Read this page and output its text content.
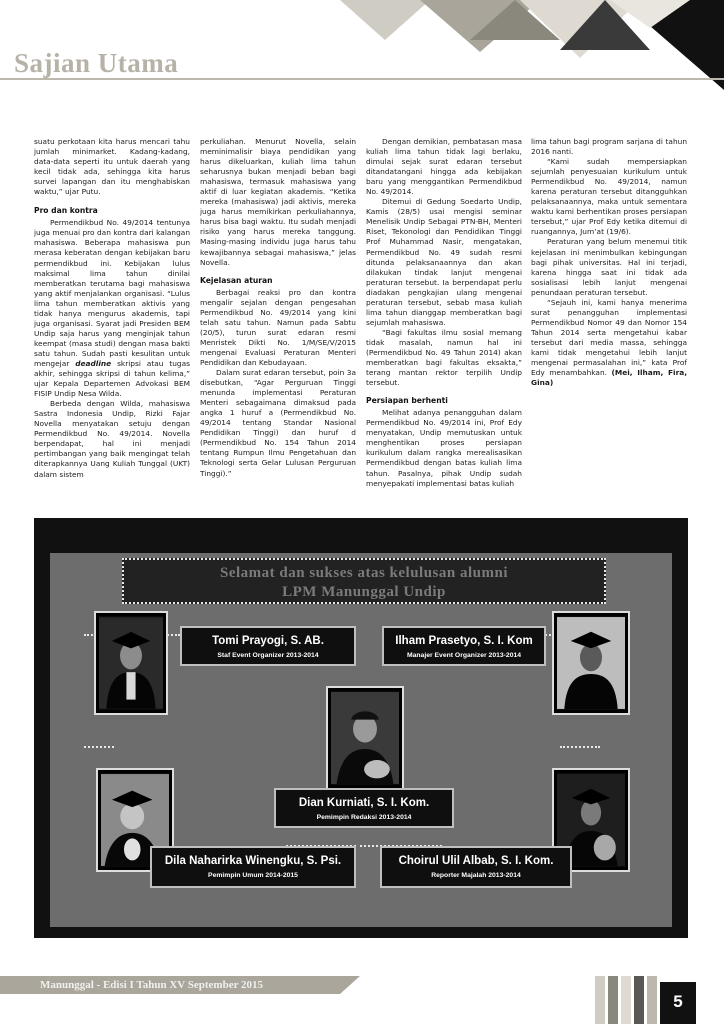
Sajian Utama

suatu perkotaan kita harus mencari tahu jumlah minimarket. Kadang-kadang, data-data seperti itu untuk daerah yang kecil tidak ada, sehingga kita harus survei lapangan dan itu menghabiskan waktu,” ujar Putu.

Pro dan kontra

Permendikbud No. 49/2014 tentunya juga menuai pro dan kontra dari kalangan mahasiswa. Beberapa mahasiswa pun merasa keberatan dengan kebijakan baru permendikbud ini. Kebijakan lulus maksimal lima tahun dinilai memberatkan terutama bagi mahasiswa yang aktif menjalankan organisasi. “Lulus lima tahun memberatkan aktivis yang tidak hanya mengurus akademis, tapi juga organisasi. Syarat jadi Presiden BEM Undip saja harus yang menginjak tahun keempat (masa studi) dengan masa bakti satu tahun. Sudah pasti kesulitan untuk mengejar deadline skripsi atau tugas akhir, sehingga skripsi di tahun kelima,” ujar Kepala Departemen Advokasi BEM FISIP Undip Nesa Wilda.

Berbeda dengan Wilda, mahasiswa Sastra Indonesia Undip, Rizki Fajar Novella menyatakan setuju dengan Permendikbud No. 49/2014. Novella berpendapat, hal ini menjadi pertimbangan yang baik mengingat telah diterapkannya Uang Kuliah Tunggal (UKT) dalam sistem

perkuliahan. Menurut Novella, selain meminimalisir biaya pendidikan yang harus dikeluarkan, kuliah lima tahun seharusnya bukan menjadi beban bagi mahasiswa, termasuk mahasiswa yang aktif di luar kegiatan akademis. “Ketika mereka (mahasiswa) jadi aktivis, mereka juga harus memikirkan perkuliahannya, harus bisa bagi waktu. Itu sudah menjadi risiko yang harus mereka tanggung. Masing-masing individu juga harus tahu kewajibannya sebagai mahasiswa,” jelas Novella.

Kejelasan aturan

Berbagai reaksi pro dan kontra mengalir sejalan dengan pengesahan Permendikbud No. 49/2014 yang kini telah satu tahun. Namun pada Sabtu (20/5), turun surat edaran resmi Menristek Dikti No. 1/M/SE/V/2015 mengenai Evaluasi Peraturan Menteri Pendidikan dan Kebudayaan.

Dalam surat edaran tersebut, poin 3a disebutkan, “Agar Perguruan Tinggi menunda implementasi Peraturan Menteri sebagaimana dimaksud pada angka 1 huruf a (Permendikbud No. 49/2014 tentang Standar Nasional Pendidikan Tinggi) dan huruf d (Permendikbud No. 154 Tahun 2014 tentang Rumpun Ilmu Pengetahuan dan Teknologi serta Gelar Lulusan Perguruan Tinggi).”

Dengan demikian, pembatasan masa kuliah lima tahun tidak lagi berlaku, dimulai sejak surat edaran tersebut ditandatangani hingga ada kebijakan baru yang menggantikan Permendikbud No. 49/2014.

Ditemui di Gedung Soedarto Undip, Kamis (28/5) usai mengisi seminar Menelisik Undip Sebagai PTN-BH, Menteri Riset, Tekonologi dan Pendidikan Tinggi Prof Muhammad Nasir, mengatakan, Permendikbud No. 49 sudah resmi ditunda pelaksanaannya dan akan dilakukan tindak lanjut mengenai peraturan tersebut. Ia berpendapat perlu diadakan pengkajian ulang mengenai peraturan tersebut, sebab masa kuliah lima tahun dianggap memberatkan bagi sejumlah mahasiswa.

“Bagi fakultas ilmu sosial memang tidak masalah, namun hal ini (Permendikbud No. 49 Tahun 2014) akan memberatkan bagi fakultas eksakta,” terang mantan rektor terpilih Undip tersebut.

Persiapan berhenti

Melihat adanya penangguhan dalam Permendikbud No. 49/2014 ini, Prof Edy menyatakan, Undip memutuskan untuk menghentikan proses persiapan kurikulum dalam rangka merealisasikan Permendikbud dengan batas kuliah lima tahun. Pasalnya, pihak Undip sudah menyepakati implementasi batas kuliah

lima tahun bagi program sarjana di tahun 2016 nanti.

“Kami sudah mempersiapkan sejumlah penyesuaian kurikulum untuk Permendikbud No. 49/2014, namun karena peraturan tersebut ditangguhkan pelaksanaannya, maka untuk sementara waktu kami berhentikan proses persiapan tersebut,” ujar Prof Edy ketika ditemui di ruangannya, Jum’at (19/6).

Peraturan yang belum menemui titik kejelasan ini menimbulkan kebingungan bagi pihak universitas. Hal ini terjadi, karena hingga saat ini tidak ada sosialisasi lebih lanjut mengenai penundaan peraturan tersebut.

“Sejauh ini, kami hanya menerima surat penangguhan implementasi Permendikbud Nomor 49 dan Nomor 154 Tahun 2014 serta mengetahui kabar tersebut dari media massa, sehingga kami tidak mengetahui lebih lanjut mengenai permasalahan ini,” kata Prof Edy menambahkan. (Mei, Ilham, Fira, Gina)

Selamat dan sukses atas kelulusan alumni
LPM Manunggal Undip
Tomi Prayogi, S. AB.
Staf Event Organizer 2013-2014
Ilham Prasetyo, S. I. Kom
Manajer Event Organizer 2013-2014
Dian Kurniati, S. I. Kom.
Pemimpin Redaksi 2013-2014
Dila Naharirka Winengku, S. Psi.
Pemimpin Umum 2014-2015
Choirul Ulil Albab, S. I. Kom.
Reporter Majalah 2013-2014
Manunggal - Edisi I Tahun XV September 2015
5
